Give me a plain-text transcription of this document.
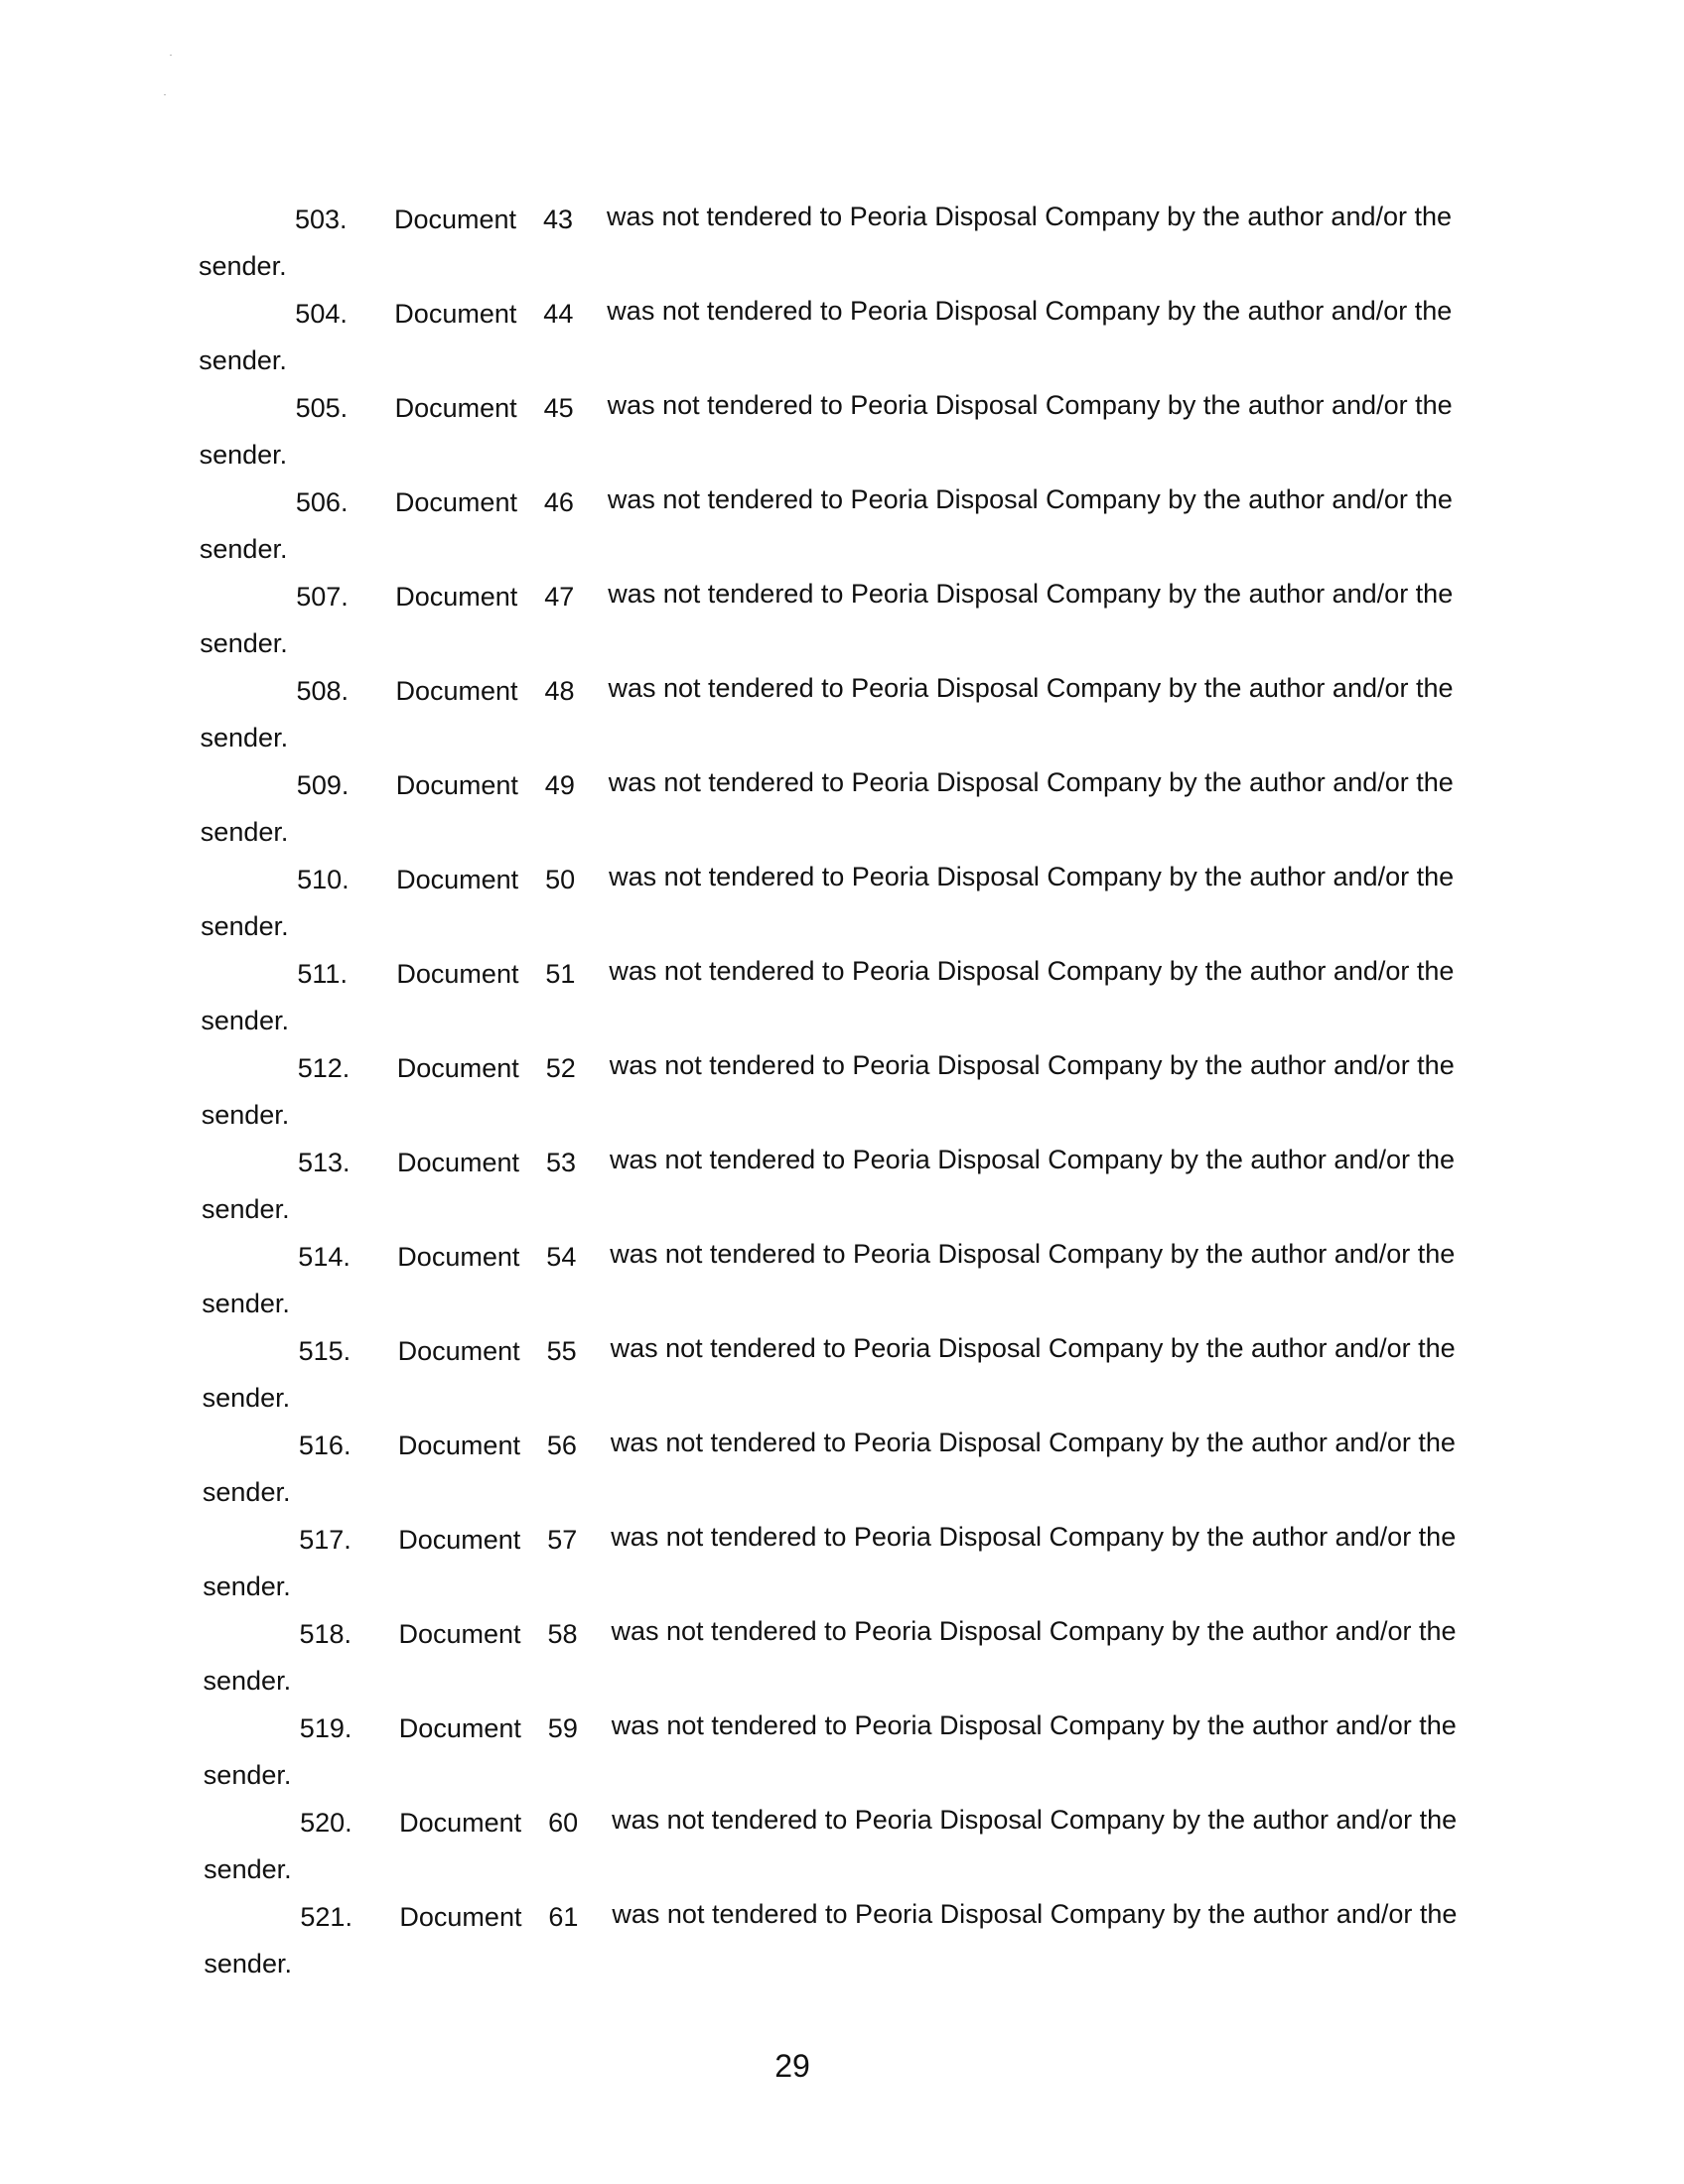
503. Document 43 was not tendered to Peoria Disposal Company by the author and/or the
sender.
504. Document 44 was not tendered to Peoria Disposal Company by the author and/or the
sender.
505. Document 45 was not tendered to Peoria Disposal Company by the author and/or the
sender.
506. Document 46 was not tendered to Peoria Disposal Company by the author and/or the
sender.
507. Document 47 was not tendered to Peoria Disposal Company by the author and/or the
sender.
508. Document 48 was not tendered to Peoria Disposal Company by the author and/or the
sender.
509. Document 49 was not tendered to Peoria Disposal Company by the author and/or the
sender.
510. Document 50 was not tendered to Peoria Disposal Company by the author and/or the
sender.
511. Document 51 was not tendered to Peoria Disposal Company by the author and/or the
sender.
512. Document 52 was not tendered to Peoria Disposal Company by the author and/or the
sender.
513. Document 53 was not tendered to Peoria Disposal Company by the author and/or the
sender.
514. Document 54 was not tendered to Peoria Disposal Company by the author and/or the
sender.
515. Document 55 was not tendered to Peoria Disposal Company by the author and/or the
sender.
516. Document 56 was not tendered to Peoria Disposal Company by the author and/or the
sender.
517. Document 57 was not tendered to Peoria Disposal Company by the author and/or the
sender.
518. Document 58 was not tendered to Peoria Disposal Company by the author and/or the
sender.
519. Document 59 was not tendered to Peoria Disposal Company by the author and/or the
sender.
520. Document 60 was not tendered to Peoria Disposal Company by the author and/or the
sender.
521. Document 61 was not tendered to Peoria Disposal Company by the author and/or the
sender.
29
